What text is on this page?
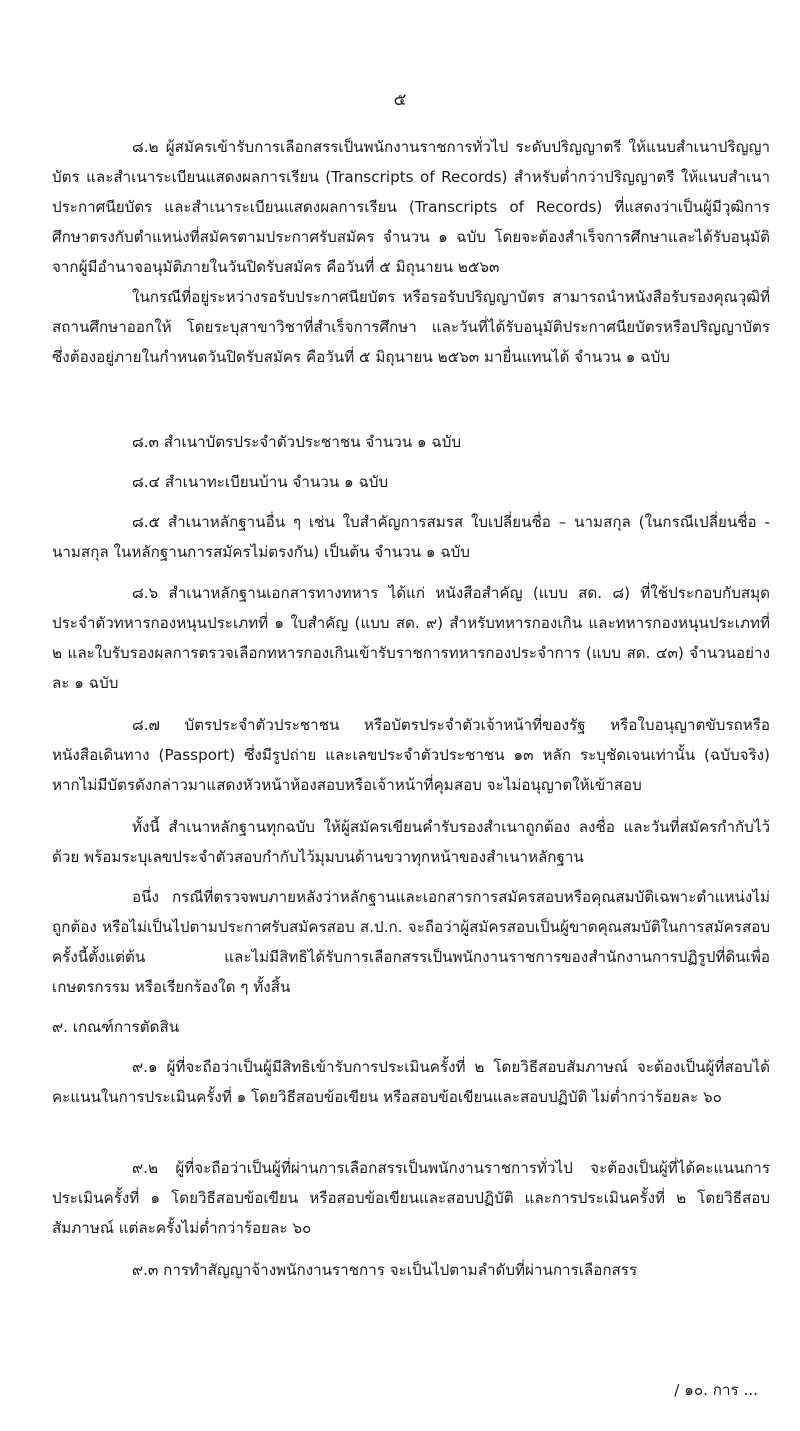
๕

๘.๒ ผู้สมัครเข้ารับการเลือกสรรเป็นพนักงานราชการทั่วไป ระดับปริญญาตรี ให้แนบสำเนาปริญญาบัตร และสำเนาระเบียนแสดงผลการเรียน (Transcripts of Records) สำหรับต่ำกว่าปริญญาตรี ให้แนบสำเนาประกาศนียบัตร และสำเนาระเบียนแสดงผลการเรียน (Transcripts of Records) ที่แสดงว่าเป็นผู้มีวุฒิการศึกษาตรงกับตำแหน่งที่สมัครตามประกาศรับสมัคร จำนวน ๑ ฉบับ โดยจะต้องสำเร็จการศึกษาและได้รับอนุมัติจากผู้มีอำนาจอนุมัติภายในวันปิดรับสมัคร คือวันที่ ๕ มิถุนายน ๒๕๖๓

ในกรณีที่อยู่ระหว่างรอรับประกาศนียบัตร หรือรอรับปริญญาบัตร สามารถนำหนังสือรับรองคุณวุฒิที่สถานศึกษาออกให้ โดยระบุสาขาวิชาที่สำเร็จการศึกษา และวันที่ได้รับอนุมัติประกาศนียบัตรหรือปริญญาบัตร ซึ่งต้องอยู่ภายในกำหนดวันปิดรับสมัคร คือวันที่ ๕ มิถุนายน ๒๕๖๓ มายื่นแทนได้ จำนวน ๑ ฉบับ

๘.๓ สำเนาบัตรประจำตัวประชาชน จำนวน ๑ ฉบับ

๘.๔ สำเนาทะเบียนบ้าน จำนวน ๑ ฉบับ

๘.๕ สำเนาหลักฐานอื่น ๆ เช่น ใบสำคัญการสมรส ใบเปลี่ยนชื่อ – นามสกุล (ในกรณีเปลี่ยนชื่อ - นามสกุล ในหลักฐานการสมัครไม่ตรงกัน) เป็นต้น จำนวน ๑ ฉบับ

๘.๖ สำเนาหลักฐานเอกสารทางทหาร ได้แก่ หนังสือสำคัญ (แบบ สด. ๘) ที่ใช้ประกอบกับสมุดประจำตัวทหารกองหนุนประเภทที่ ๑ ใบสำคัญ (แบบ สด. ๙) สำหรับทหารกองเกิน และทหารกองหนุนประเภทที่ ๒ และใบรับรองผลการตรวจเลือกทหารกองเกินเข้ารับราชการทหารกองประจำการ (แบบ สด. ๔๓) จำนวนอย่างละ ๑ ฉบับ

๘.๗ บัตรประจำตัวประชาชน หรือบัตรประจำตัวเจ้าหน้าที่ของรัฐ หรือใบอนุญาตขับรถหรือหนังสือเดินทาง (Passport) ซึ่งมีรูปถ่าย และเลขประจำตัวประชาชน ๑๓ หลัก ระบุชัดเจนเท่านั้น (ฉบับจริง) หากไม่มีบัตรดังกล่าวมาแสดงหัวหน้าห้องสอบหรือเจ้าหน้าที่คุมสอบ จะไม่อนุญาตให้เข้าสอบ

ทั้งนี้ สำเนาหลักฐานทุกฉบับ ให้ผู้สมัครเขียนคำรับรองสำเนาถูกต้อง ลงชื่อ และวันที่สมัครกำกับไว้ด้วย พร้อมระบุเลขประจำตัวสอบกำกับไว้มุมบนด้านขวาทุกหน้าของสำเนาหลักฐาน

อนึ่ง กรณีที่ตรวจพบภายหลังว่าหลักฐานและเอกสารการสมัครสอบหรือคุณสมบัติเฉพาะตำแหน่งไม่ถูกต้อง หรือไม่เป็นไปตามประกาศรับสมัครสอบ ส.ป.ก. จะถือว่าผู้สมัครสอบเป็นผู้ขาดคุณสมบัติในการสมัครสอบครั้งนี้ตั้งแต่ต้น และไม่มีสิทธิได้รับการเลือกสรรเป็นพนักงานราชการของสำนักงานการปฏิรูปที่ดินเพื่อเกษตรกรรม หรือเรียกร้องใด ๆ ทั้งสิ้น

๙. เกณฑ์การตัดสิน

๙.๑ ผู้ที่จะถือว่าเป็นผู้มีสิทธิเข้ารับการประเมินครั้งที่ ๒ โดยวิธีสอบสัมภาษณ์ จะต้องเป็นผู้ที่สอบได้คะแนนในการประเมินครั้งที่ ๑ โดยวิธีสอบข้อเขียน หรือสอบข้อเขียนและสอบปฏิบัติ ไม่ต่ำกว่าร้อยละ ๖๐

๙.๒ ผู้ที่จะถือว่าเป็นผู้ที่ผ่านการเลือกสรรเป็นพนักงานราชการทั่วไป จะต้องเป็นผู้ที่ได้คะแนนการประเมินครั้งที่ ๑ โดยวิธีสอบข้อเขียน หรือสอบข้อเขียนและสอบปฏิบัติ และการประเมินครั้งที่ ๒ โดยวิธีสอบสัมภาษณ์ แต่ละครั้งไม่ต่ำกว่าร้อยละ ๖๐

๙.๓ การทำสัญญาจ้างพนักงานราชการ จะเป็นไปตามลำดับที่ผ่านการเลือกสรร

/ ๑๐. การ ...
